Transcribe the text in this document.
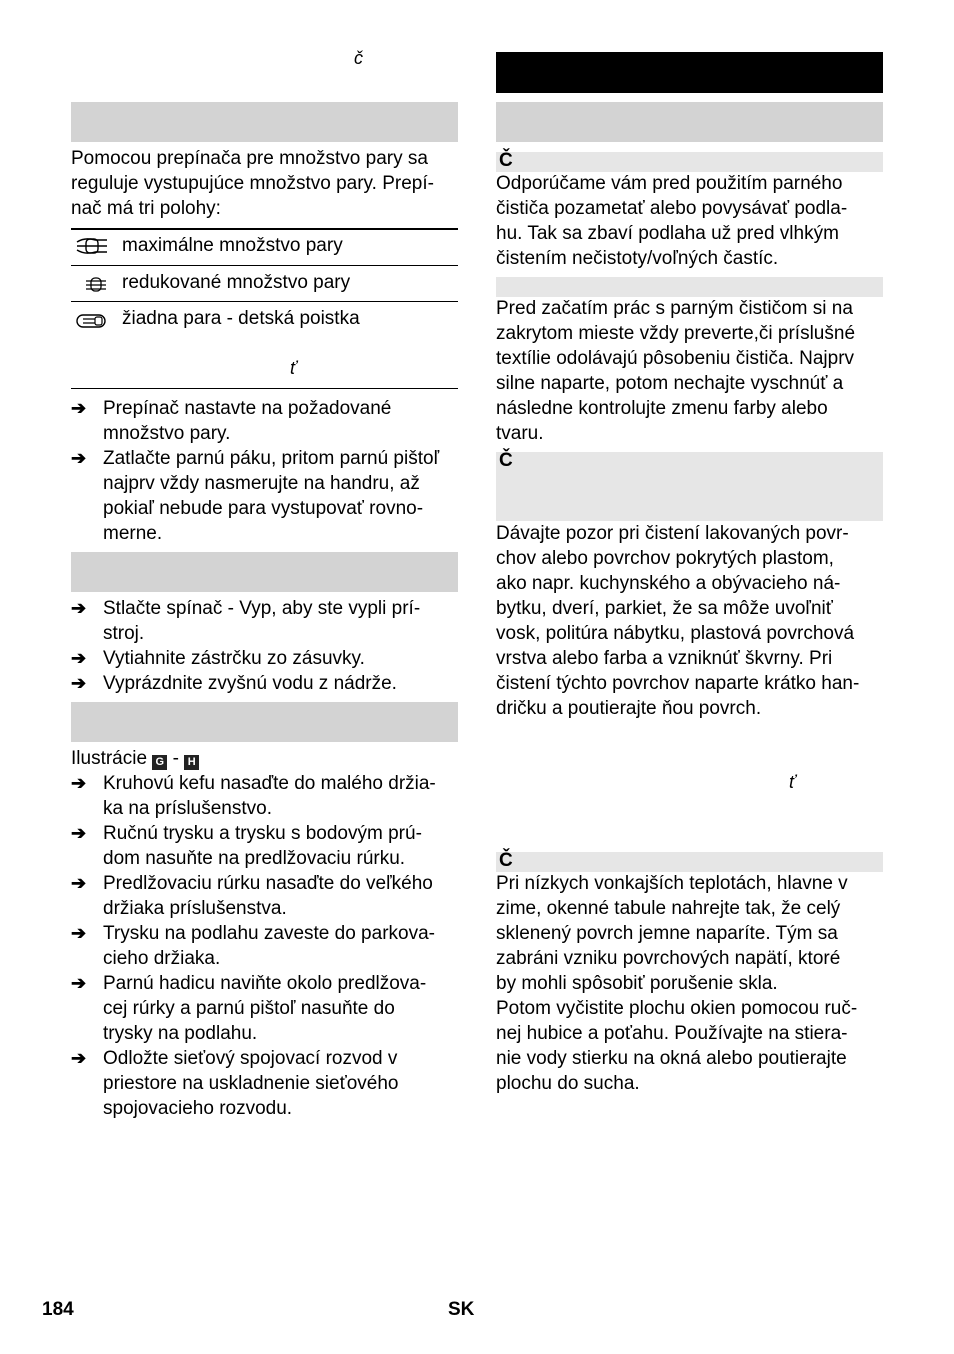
č
Pomocou prepínača pre množstvo pary sa
reguluje vystupujúce množstvo pary. Prepí-
nač má tri polohy:
maximálne množstvo pary
redukované množstvo pary
žiadna para - detská poistka
ť
➔ Prepínač nastavte na požadované
množstvo pary.
➔ Zatlačte parnú páku, pritom parnú pištoľ
najprv vždy nasmerujte na handru, až
pokiaľ nebude para vystupovať rovno-
merne.
➔ Stlačte spínač - Vyp, aby ste vypli prí-
stroj.
➔ Vytiahnite zástrčku zo zásuvky.
➔ Vyprázdnite zvyšnú vodu z nádrže.
Ilustrácie G - H
➔ Kruhovú kefu nasaďte do malého držia-
ka na príslušenstvo.
➔ Ručnú trysku a trysku s bodovým prú-
dom nasuňte na predlžovaciu rúrku.
➔ Predlžovaciu rúrku nasaďte do veľkého
držiaka príslušenstva.
➔ Trysku na podlahu zaveste do parkova-
cieho držiaka.
➔ Parnú hadicu naviňte okolo predlžova-
cej rúrky a parnú pištoľ nasuňte do
trysky na podlahu.
➔ Odložte sieťový spojovací rozvod v
priestore na uskladnenie sieťového
spojovacieho rozvodu.
Č
Odporúčame vám pred použitím parného
čističa pozametať alebo povysávať podla-
hu. Tak sa zbaví podlaha už pred vlhkým
čistením nečistoty/voľných častíc.
Pred začatím prác s parným čističom si na
zakrytom mieste vždy preverte,či príslušné
textílie odolávajú pôsobeniu čističa. Najprv
silne naparte, potom nechajte vyschnúť a
následne kontrolujte zmenu farby alebo
tvaru.
Č
Dávajte pozor pri čistení lakovaných povr-
chov alebo povrchov pokrytých plastom,
ako napr. kuchynského a obývacieho ná-
bytku, dverí, parkiet, že sa môže uvoľniť
vosk, politúra nábytku, plastová povrchová
vrstva alebo farba a vzniknúť škvrny. Pri
čistení týchto povrchov naparte krátko han-
dričku a poutierajte ňou povrch.
ť
Č
Pri nízkych vonkajších teplotách, hlavne v
zime, okenné tabule nahrejte tak, že celý
sklenený povrch jemne naparíte. Tým sa
zabráni vzniku povrchových napätí, ktoré
by mohli spôsobiť porušenie skla.
Potom vyčistite plochu okien pomocou ruč-
nej hubice a poťahu. Používajte na stiera-
nie vody stierku na okná alebo poutierajte
plochu do sucha.
184	SK
